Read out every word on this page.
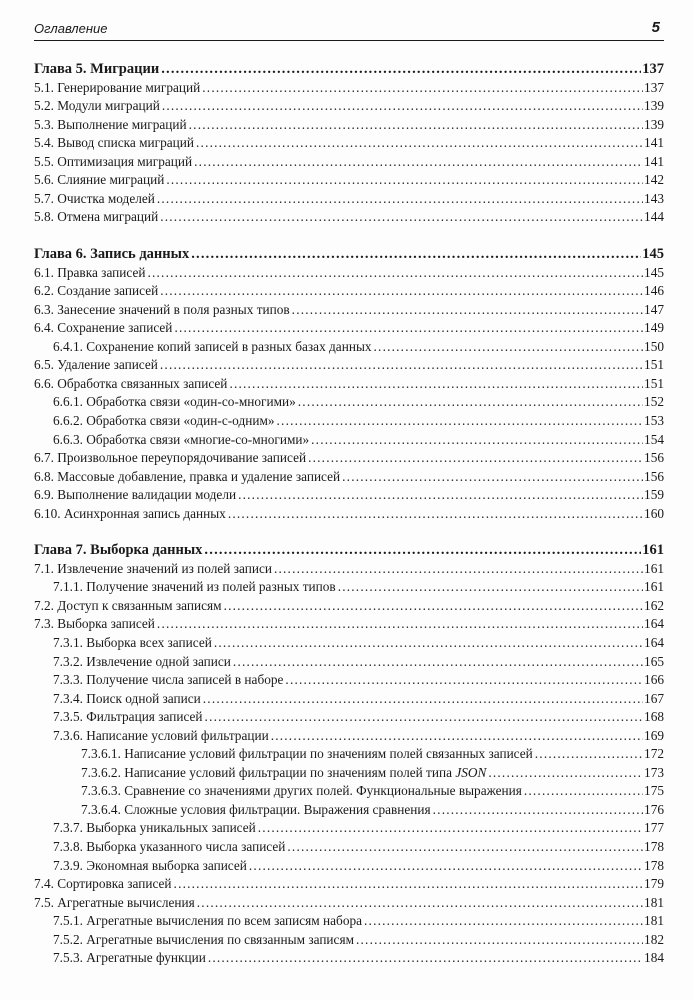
Оглавление	5
Глава 5. Миграции .....	137
5.1. Генерирование миграций .....	137
5.2. Модули миграций .....	139
5.3. Выполнение миграций .....	139
5.4. Вывод списка миграций .....	141
5.5. Оптимизация миграций .....	141
5.6. Слияние миграций .....	142
5.7. Очистка моделей .....	143
5.8. Отмена миграций .....	144
Глава 6. Запись данных .....	145
6.1. Правка записей .....	145
6.2. Создание записей .....	146
6.3. Занесение значений в поля разных типов .....	147
6.4. Сохранение записей .....	149
6.4.1. Сохранение копий записей в разных базах данных .....	150
6.5. Удаление записей .....	151
6.6. Обработка связанных записей .....	151
6.6.1. Обработка связи «один-со-многими» .....	152
6.6.2. Обработка связи «один-с-одним» .....	153
6.6.3. Обработка связи «многие-со-многими» .....	154
6.7. Произвольное переупорядочивание записей .....	156
6.8. Массовые добавление, правка и удаление записей .....	156
6.9. Выполнение валидации модели .....	159
6.10. Асинхронная запись данных .....	160
Глава 7. Выборка данных .....	161
7.1. Извлечение значений из полей записи .....	161
7.1.1. Получение значений из полей разных типов .....	161
7.2. Доступ к связанным записям .....	162
7.3. Выборка записей .....	164
7.3.1. Выборка всех записей .....	164
7.3.2. Извлечение одной записи .....	165
7.3.3. Получение числа записей в наборе .....	166
7.3.4. Поиск одной записи .....	167
7.3.5. Фильтрация записей .....	168
7.3.6. Написание условий фильтрации .....	169
7.3.6.1. Написание условий фильтрации по значениям полей связанных записей .....	172
7.3.6.2. Написание условий фильтрации по значениям полей типа JSON .....	173
7.3.6.3. Сравнение со значениями других полей. Функциональные выражения .....	175
7.3.6.4. Сложные условия фильтрации. Выражения сравнения .....	176
7.3.7. Выборка уникальных записей .....	177
7.3.8. Выборка указанного числа записей .....	178
7.3.9. Экономная выборка записей .....	178
7.4. Сортировка записей .....	179
7.5. Агрегатные вычисления .....	181
7.5.1. Агрегатные вычисления по всем записям набора .....	181
7.5.2. Агрегатные вычисления по связанным записям .....	182
7.5.3. Агрегатные функции .....	184
